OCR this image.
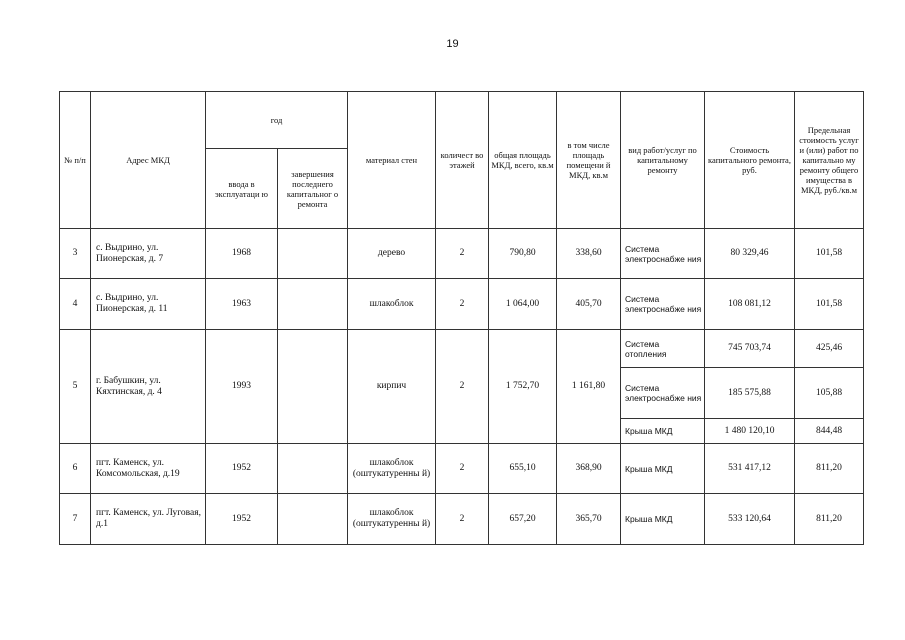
19
№ п/п	Адрес МКД	год		материал стен	количест во этажей	общая площадь МКД, всего, кв.м	в том числе площадь помещени й МКД, кв.м	вид работ/услуг по капитальному ремонту	Стоимость капитального ремонта, руб.	Предельная стоимость услуг и (или) работ по капитально му ремонту общего имущества в МКД, руб./кв.м
		ввода в эксплуатаци ю	завершения последнего капитальног о ремонта							
3	с. Выдрино, ул. Пионерская, д. 7	1968		дерево	2	790,80	338,60	Система электроснабже ния	80 329,46	101,58
4	с. Выдрино, ул. Пионерская, д. 11	1963		шлакоблок	2	1 064,00	405,70	Система электроснабже ния	108 081,12	101,58
5	г. Бабушкин, ул. Кяхтинская, д. 4	1993		кирпич	2	1 752,70	1 161,80	Система отопления	745 703,74	425,46
								Система электроснабже ния	185 575,88	105,88
								Крыша МКД	1 480 120,10	844,48
6	пгт. Каменск, ул. Комсомольская, д.19	1952		шлакоблок (оштукатуренны й)	2	655,10	368,90	Крыша МКД	531 417,12	811,20
7	пгт. Каменск, ул. Луговая, д.1	1952		шлакоблок (оштукатуренны й)	2	657,20	365,70	Крыша МКД	533 120,64	811,20
